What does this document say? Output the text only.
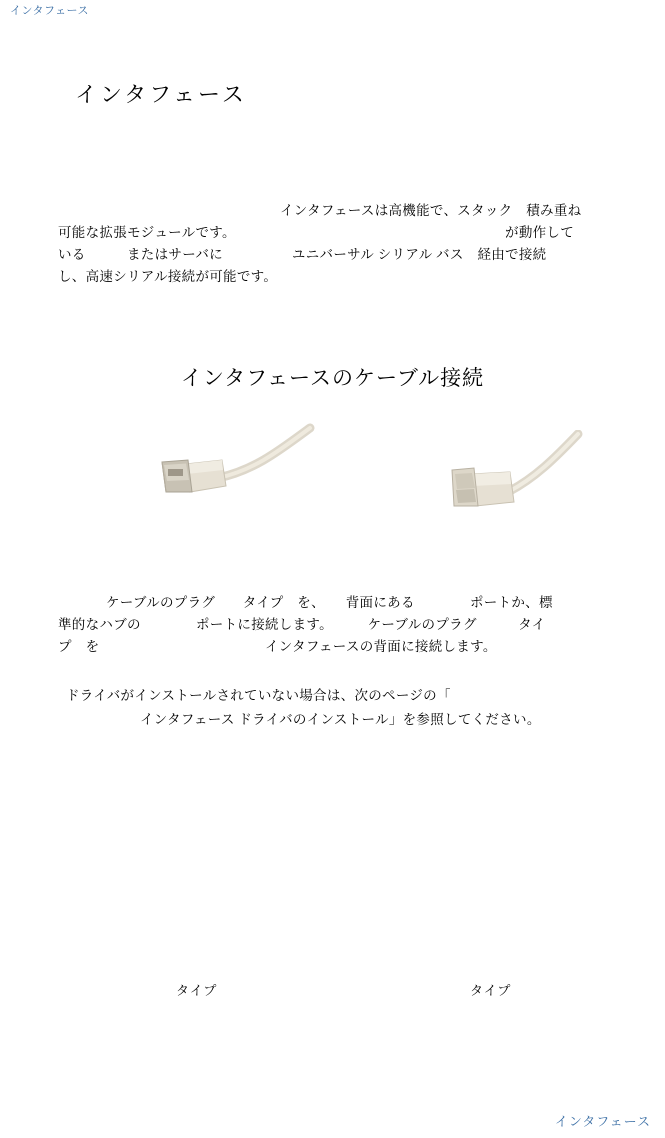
インタフェース
インタフェース
インタフェースは高機能で、スタック　積み重ね
可能な拡張モジュールです。　　　　　　　　　　　　　　　　　　　　が動作して
いる　　　またはサーバに　　　　　ユニバーサル シリアル バス　経由で接続
し、高速シリアル接続が可能です。
インタフェースのケーブル接続
タイプ	タイプ
ケーブルのプラグ　　タイプ　を、　　背面にある　　　　ポートか、標
準的なハブの　　　　ポートに接続します。　　　ケーブルのプラグ　　　タイ
プ　を　　　　　　　　　　　　インタフェースの背面に接続します。
ドライバがインストールされていない場合は、次のページの「
インタフェース ドライバのインストール」を参照してください。
インタフェース
